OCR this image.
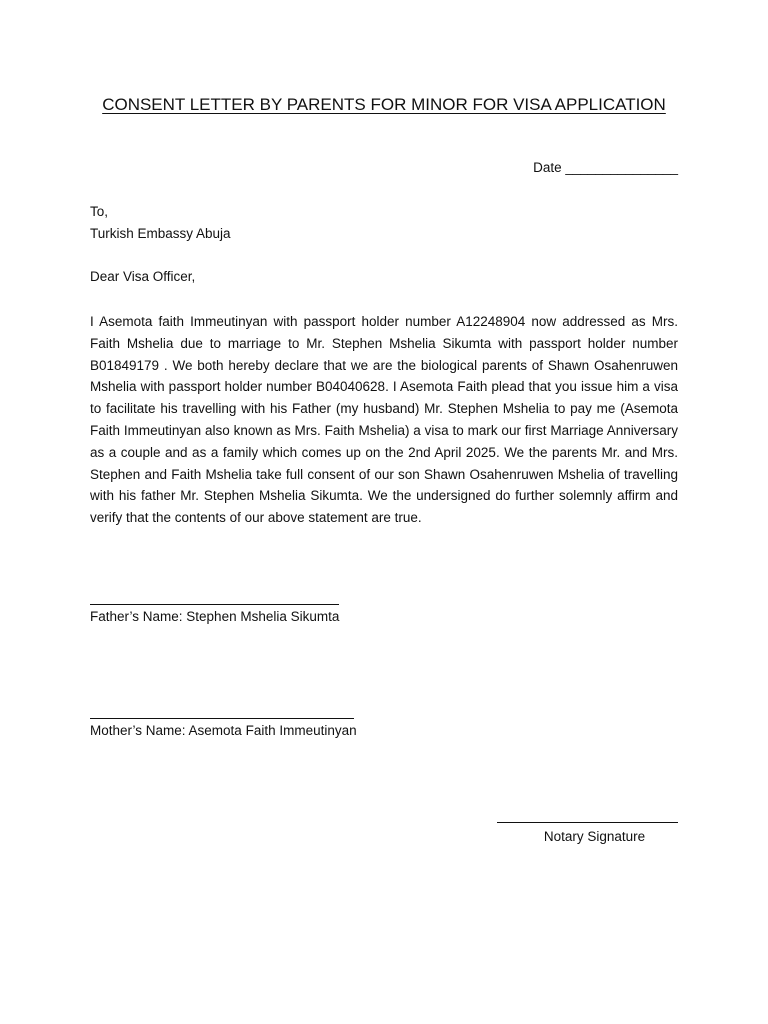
CONSENT LETTER BY PARENTS FOR MINOR FOR VISA APPLICATION
Date _______________
To,
Turkish Embassy Abuja
Dear Visa Officer,
I Asemota faith Immeutinyan with passport holder number A12248904 now addressed as Mrs. Faith Mshelia due to marriage to Mr. Stephen Mshelia Sikumta with passport holder number B01849179 . We both hereby declare that we are the biological parents of Shawn Osahenruwen Mshelia with passport holder number B04040628. I Asemota Faith plead that you issue him a visa to facilitate his travelling with his Father (my husband) Mr. Stephen Mshelia to pay me (Asemota Faith Immeutinyan also known as Mrs. Faith Mshelia) a visa to mark our first Marriage Anniversary as a couple and as a family which comes up on the 2nd April 2025. We the parents Mr. and Mrs. Stephen and Faith Mshelia take full consent of our son Shawn Osahenruwen Mshelia of travelling with his father Mr. Stephen Mshelia Sikumta. We the undersigned do further solemnly affirm and verify that the contents of our above statement are true.
Father’s Name: Stephen Mshelia Sikumta
Mother’s Name: Asemota Faith Immeutinyan
Notary Signature
